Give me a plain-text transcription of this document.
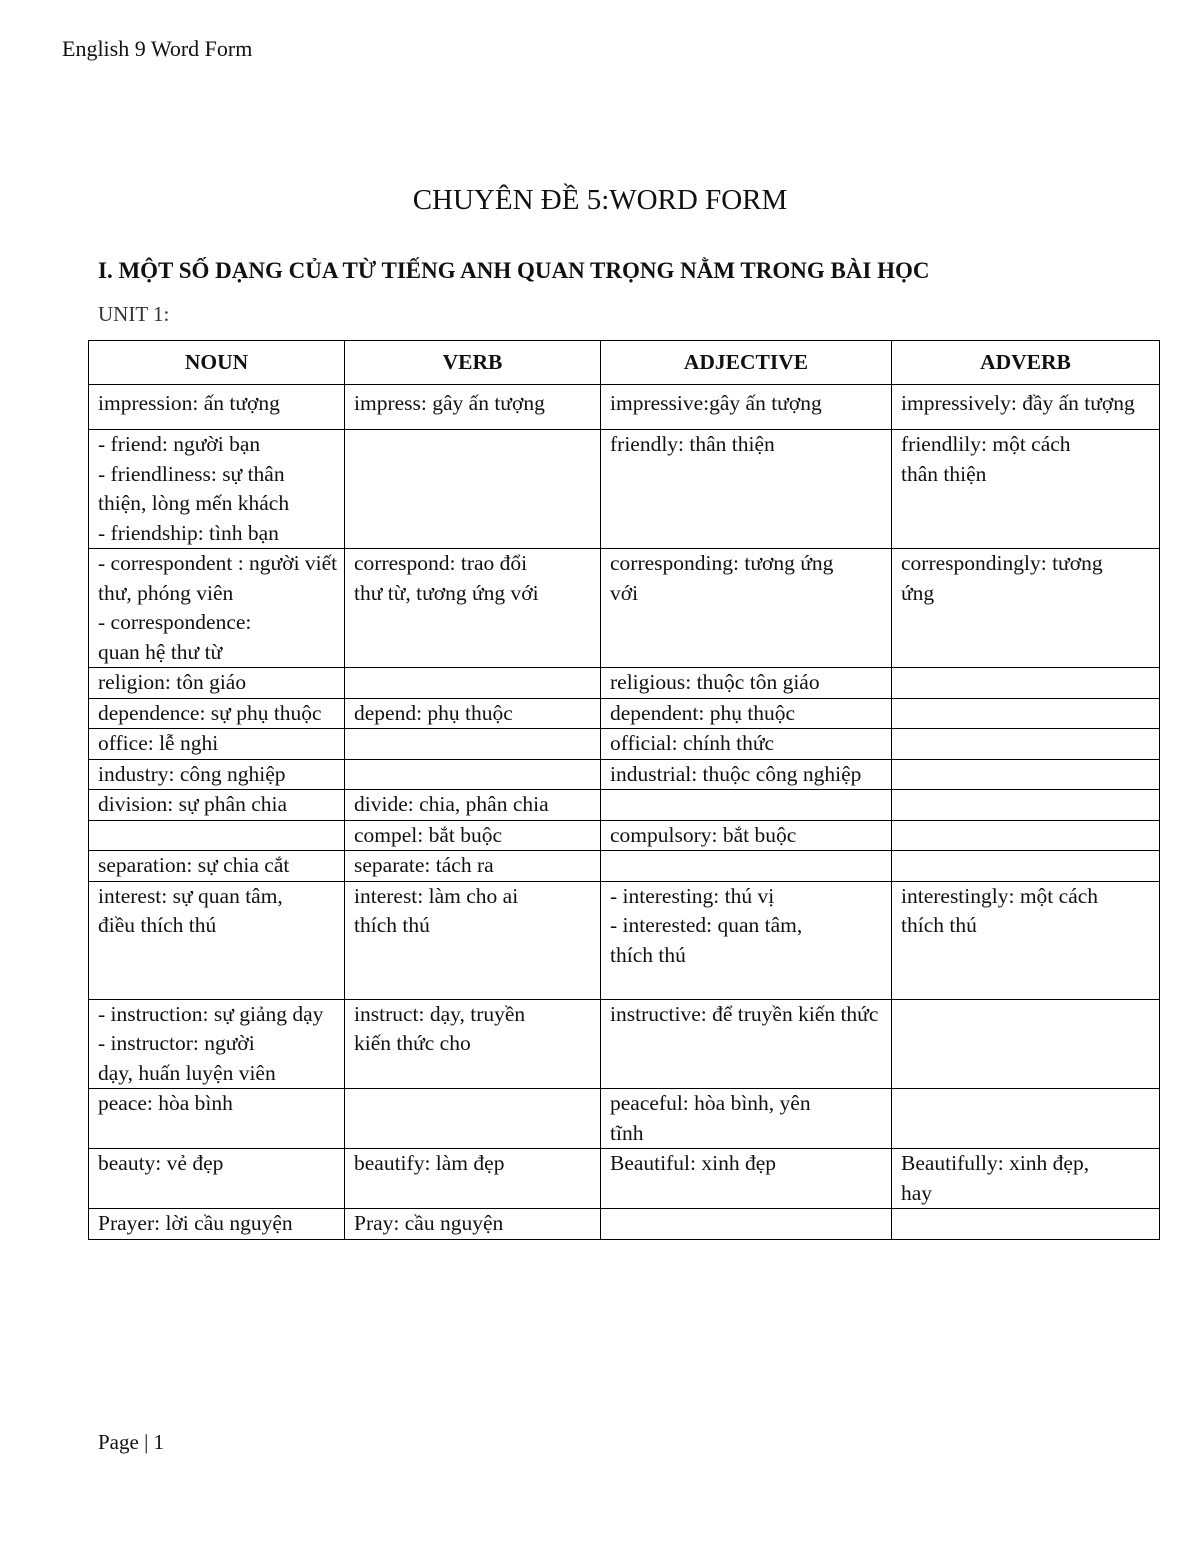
English 9 Word Form
CHUYÊN ĐỀ 5:WORD FORM
I. MỘT SỐ DẠNG CỦA TỪ TIẾNG ANH QUAN TRỌNG NẰM TRONG BÀI HỌC
UNIT 1:
NOUN	VERB	ADJECTIVE	ADVERB

impression: ấn tượng	impress: gây ấn tượng	impressive:gây ấn tượng	impressively: đầy ấn tượng

- friend: người bạn
- friendliness: sự thân
thiện, lòng mến khách
- friendship: tình bạn		friendly: thân thiện	friendlily: một cách
thân thiện

- correspondent : người viết
thư, phóng viên
- correspondence:
quan hệ thư từ	correspond: trao đổi
thư từ, tương ứng với	corresponding: tương ứng
với	correspondingly: tương
ứng

religion: tôn giáo		religious: thuộc tôn giáo	

dependence: sự phụ thuộc	depend: phụ thuộc	dependent: phụ thuộc	

office: lễ nghi		official: chính thức	

industry: công nghiệp		industrial: thuộc công nghiệp	

division: sự phân chia	divide: chia, phân chia		

	compel: bắt buộc	compulsory: bắt buộc	

separation: sự chia cắt	separate: tách ra		

interest: sự quan tâm,
điều thích thú	interest: làm cho ai
thích thú	- interesting: thú vị
- interested: quan tâm,
thích thú	interestingly: một cách
thích thú

- instruction: sự giảng dạy
- instructor: người
dạy, huấn luyện viên	instruct: dạy, truyền
kiến thức cho	instructive: để truyền kiến thức	

peace: hòa bình		peaceful: hòa bình, yên
tĩnh	

beauty: vẻ đẹp	beautify: làm đẹp	Beautiful: xinh đẹp	Beautifully: xinh đẹp,
hay

Prayer: lời cầu nguyện	Pray: cầu nguyện		

Page | 1
